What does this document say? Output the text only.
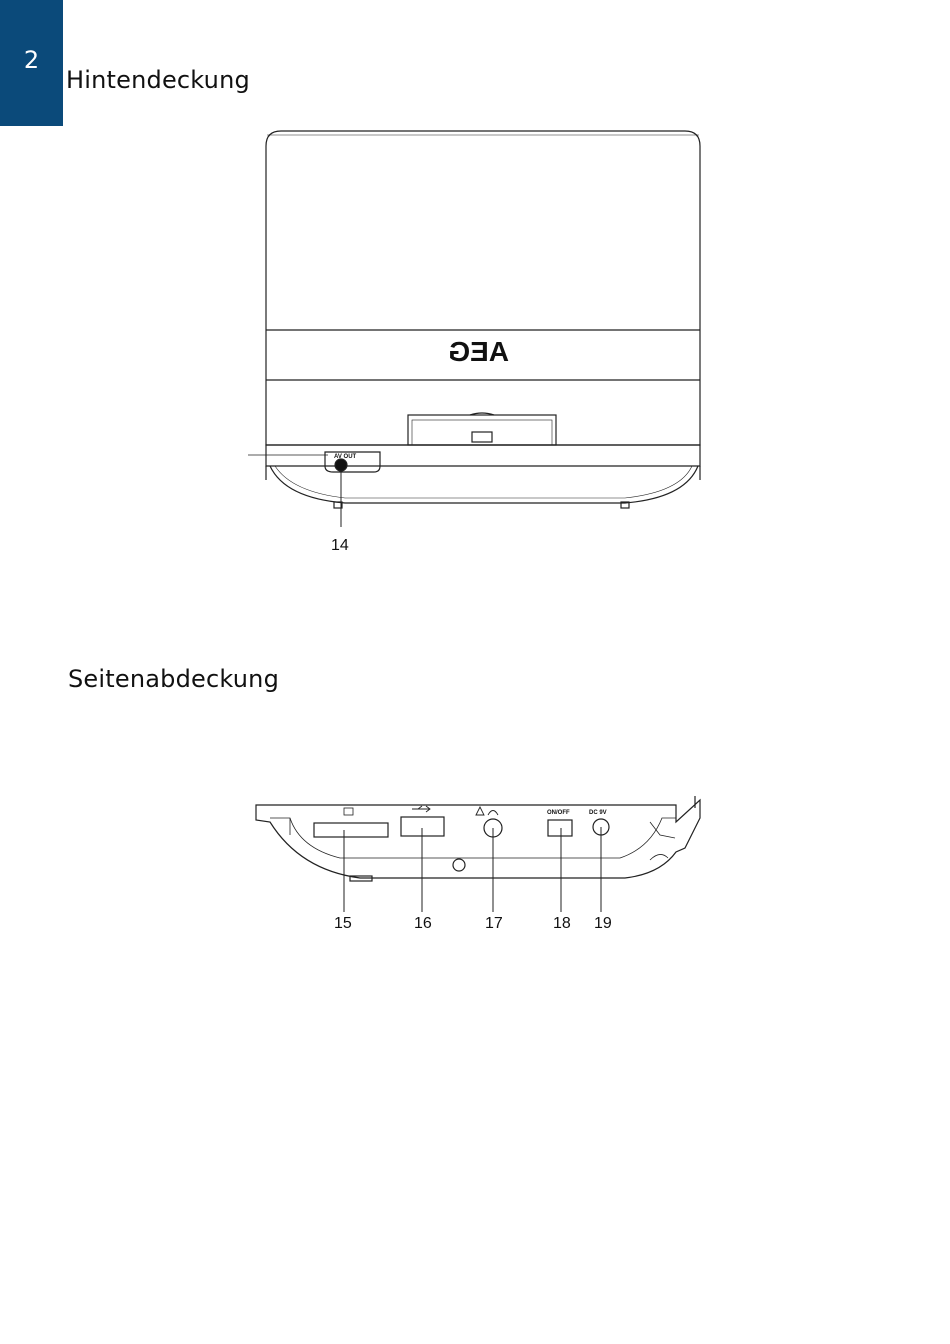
2
Hintendeckung
Seitenabdeckung
AV OUT
AEG
14
ON/OFF	DC 9V
15	16	17	18 19
